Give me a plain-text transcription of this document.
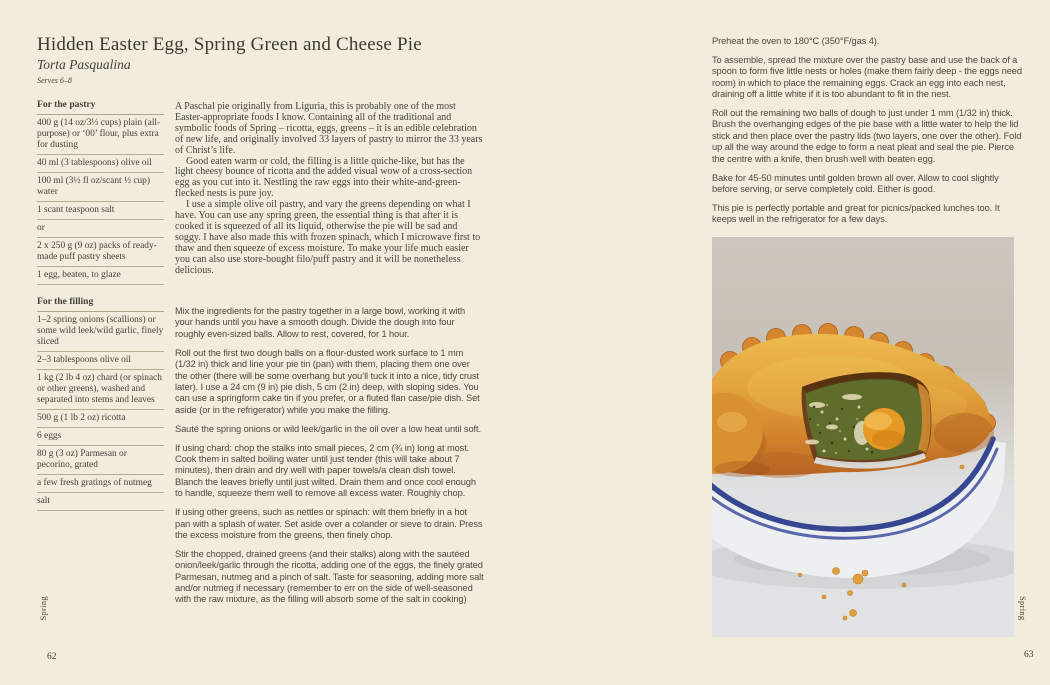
Hidden Easter Egg, Spring Green and Cheese Pie
Torta Pasqualina
Serves 6–8
For the pastry
400 g (14 oz/3⅓ cups) plain (all-purpose) or ‘00’ flour, plus extra for dusting
40 ml (3 tablespoons) olive oil
100 ml (3½ fl oz/scant ½ cup) water
1 scant teaspoon salt
or
2 x 250 g (9 oz) packs of ready-made puff pastry sheets
1 egg, beaten, to glaze
For the filling
1–2 spring onions (scallions) or some wild leek/wild garlic, finely sliced
2–3 tablespoons olive oil
1 kg (2 lb 4 oz) chard (or spinach or other greens), washed and separated into stems and leaves
500 g (1 lb 2 oz) ricotta
6 eggs
80 g (3 oz) Parmesan or pecorino, grated
a few fresh gratings of nutmeg
salt

A Paschal pie originally from Liguria, this is probably one of the most Easter-appropriate foods I know. Containing all of the traditional and symbolic foods of Spring – ricotta, eggs, greens – it is an edible celebration of new life, and originally involved 33 layers of pastry to mirror the 33 years of Christ’s life.

Good eaten warm or cold, the filling is a little quiche-like, but has the light cheesy bounce of ricotta and the added visual wow of a cross-section egg as you cut into it. Nestling the raw eggs into their white-and-green-flecked nests is pure joy.

I use a simple olive oil pastry, and vary the greens depending on what I have. You can use any spring green, the essential thing is that after it is cooked it is squeezed of all its liquid, otherwise the pie will be sad and soggy. I have also made this with frozen spinach, which I microwave first to thaw and then squeeze of excess moisture. To make your life much easier you can also use store-bought filo/puff pastry and it will be nonetheless delicious.

Mix the ingredients for the pastry together in a large bowl, working it with your hands until you have a smooth dough. Divide the dough into four roughly even-sized balls. Allow to rest, covered, for 1 hour.

Roll out the first two dough balls on a flour-dusted work surface to 1 mm (1/32 in) thick and line your pie tin (pan) with them, placing them one over the other (there will be some overhang but you’ll tuck it into a nice, tidy crust later). I use a 24 cm (9 in) pie dish, 5 cm (2 in) deep, with sloping sides. You can use a springform cake tin if you prefer, or a fluted flan case/pie dish. Set aside (or in the refrigerator) while you make the filling.

Sauté the spring onions or wild leek/garlic in the oil over a low heat until soft.

If using chard: chop the stalks into small pieces, 2 cm (¾ in) long at most. Cook them in salted boiling water until just tender (this will take about 7 minutes), then drain and dry well with paper towels/a clean dish towel. Blanch the leaves briefly until just wilted. Drain them and once cool enough to handle, squeeze them well to remove all excess water. Roughly chop.

If using other greens, such as nettles or spinach: wilt them briefly in a hot pan with a splash of water. Set aside over a colander or sieve to drain. Press the excess moisture from the greens, then finely chop.

Stir the chopped, drained greens (and their stalks) along with the sautéed onion/leek/garlic through the ricotta, adding one of the eggs, the finely grated Parmesan, nutmeg and a pinch of salt. Taste for seasoning, adding more salt and/or nutmeg if necessary (remember to err on the side of well-seasoned with the raw mixture, as the filling will absorb some of the salt in cooking)

Spring
62

Preheat the oven to 180°C (350°F/gas 4).

To assemble, spread the mixture over the pastry base and use the back of a spoon to form five little nests or holes (make them fairly deep - the eggs need room) in which to place the remaining eggs. Crack an egg into each nest, draining off a little white if it is too abundant to fit in the nest.

Roll out the remaining two balls of dough to just under 1 mm (1/32 in) thick. Brush the overhanging edges of the pie base with a little water to help the lid stick and then place over the pastry lids (two layers, one over the other). Fold up all the way around the edge to form a neat pleat and seal the pie. Pierce the centre with a knife, then brush well with beaten egg.

Bake for 45-50 minutes until golden brown all over. Allow to cool slightly before serving, or serve completely cold. Either is good.

This pie is perfectly portable and great for picnics/packed lunches too. It keeps well in the refrigerator for a few days.

Spring
63
